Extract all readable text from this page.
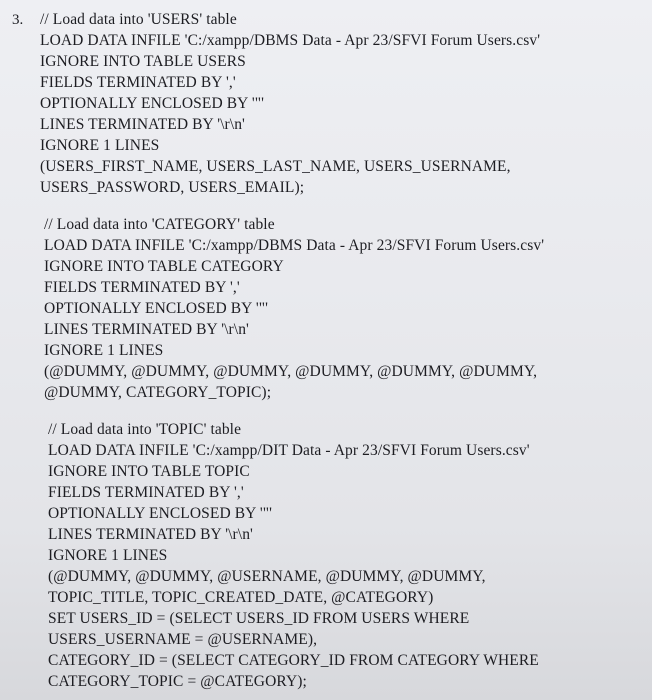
3. // Load data into 'USERS' table
LOAD DATA INFILE 'C:/xampp/DBMS Data - Apr 23/SFVI Forum Users.csv'
IGNORE INTO TABLE USERS
FIELDS TERMINATED BY ','
OPTIONALLY ENCLOSED BY '"'
LINES TERMINATED BY '\r\n'
IGNORE 1 LINES
(USERS_FIRST_NAME, USERS_LAST_NAME, USERS_USERNAME,
USERS_PASSWORD, USERS_EMAIL);
// Load data into 'CATEGORY' table
LOAD DATA INFILE 'C:/xampp/DBMS Data - Apr 23/SFVI Forum Users.csv'
IGNORE INTO TABLE CATEGORY
FIELDS TERMINATED BY ','
OPTIONALLY ENCLOSED BY '"'
LINES TERMINATED BY '\r\n'
IGNORE 1 LINES
(@DUMMY, @DUMMY, @DUMMY, @DUMMY, @DUMMY, @DUMMY,
@DUMMY, CATEGORY_TOPIC);
// Load data into 'TOPIC' table
LOAD DATA INFILE 'C:/xampp/DIT Data - Apr 23/SFVI Forum Users.csv'
IGNORE INTO TABLE TOPIC
FIELDS TERMINATED BY ','
OPTIONALLY ENCLOSED BY '"'
LINES TERMINATED BY '\r\n'
IGNORE 1 LINES
(@DUMMY, @DUMMY, @USERNAME, @DUMMY, @DUMMY,
TOPIC_TITLE, TOPIC_CREATED_DATE, @CATEGORY)
SET USERS_ID = (SELECT USERS_ID FROM USERS WHERE
USERS_USERNAME = @USERNAME),
CATEGORY_ID = (SELECT CATEGORY_ID FROM CATEGORY WHERE
CATEGORY_TOPIC = @CATEGORY);
